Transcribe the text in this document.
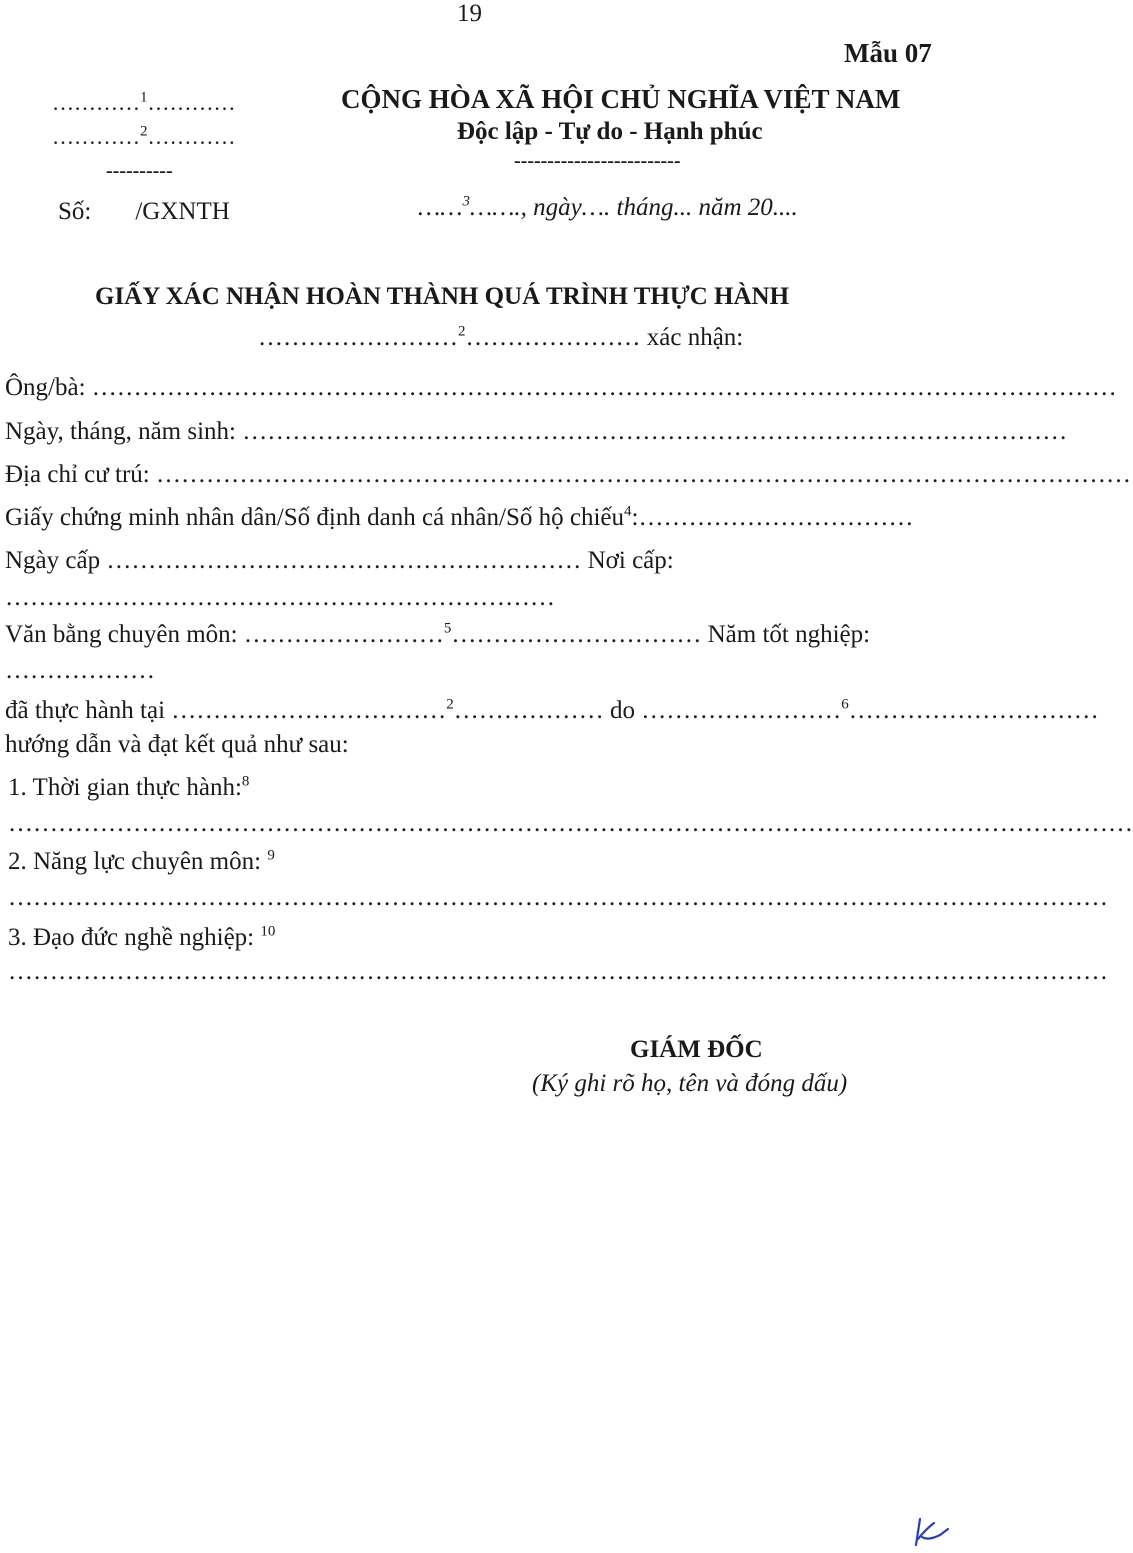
19
Mẫu 07
…………$^1$…………
…………$^2$…………
----------
Số: /GXNTH
CỘNG HÒA XÃ HỘI CHỦ NGHĨA VIỆT NAM
Độc lập - Tự do - Hạnh phúc
-------------------------
……$^3$……., ngày…. tháng... năm 20....
GIẤY XÁC NHẬN HOÀN THÀNH QUÁ TRÌNH THỰC HÀNH
……………………$^2$………………… xác nhận:
Ông/bà: ……………………………………………………………………………………………………………
Ngày, tháng, năm sinh: ………………………………………………………………………………………
Địa chỉ cư trú: ………………………………………………………………………………………………………
Giấy chứng minh nhân dân/Số định danh cá nhân/Số hộ chiếu$^4$:……………………………
Ngày cấp ………………………………………………… Nơi cấp:
…………………………………………………………
Văn bằng chuyên môn: ……………………$^5$………………………… Năm tốt nghiệp:
………………
đã thực hành tại ……………………………$^2$……………… do ……………………$^6$…………………………
hướng dẫn và đạt kết quả như sau:
1. Thời gian thực hành:$^8$
………………………………………………………………………………………………………………………
2. Năng lực chuyên môn: $^9$
……………………………………………………………………………………………………………………
3. Đạo đức nghề nghiệp: $^{10}$
……………………………………………………………………………………………………………………
GIÁM ĐỐC
(Ký ghi rõ họ, tên và đóng dấu)
